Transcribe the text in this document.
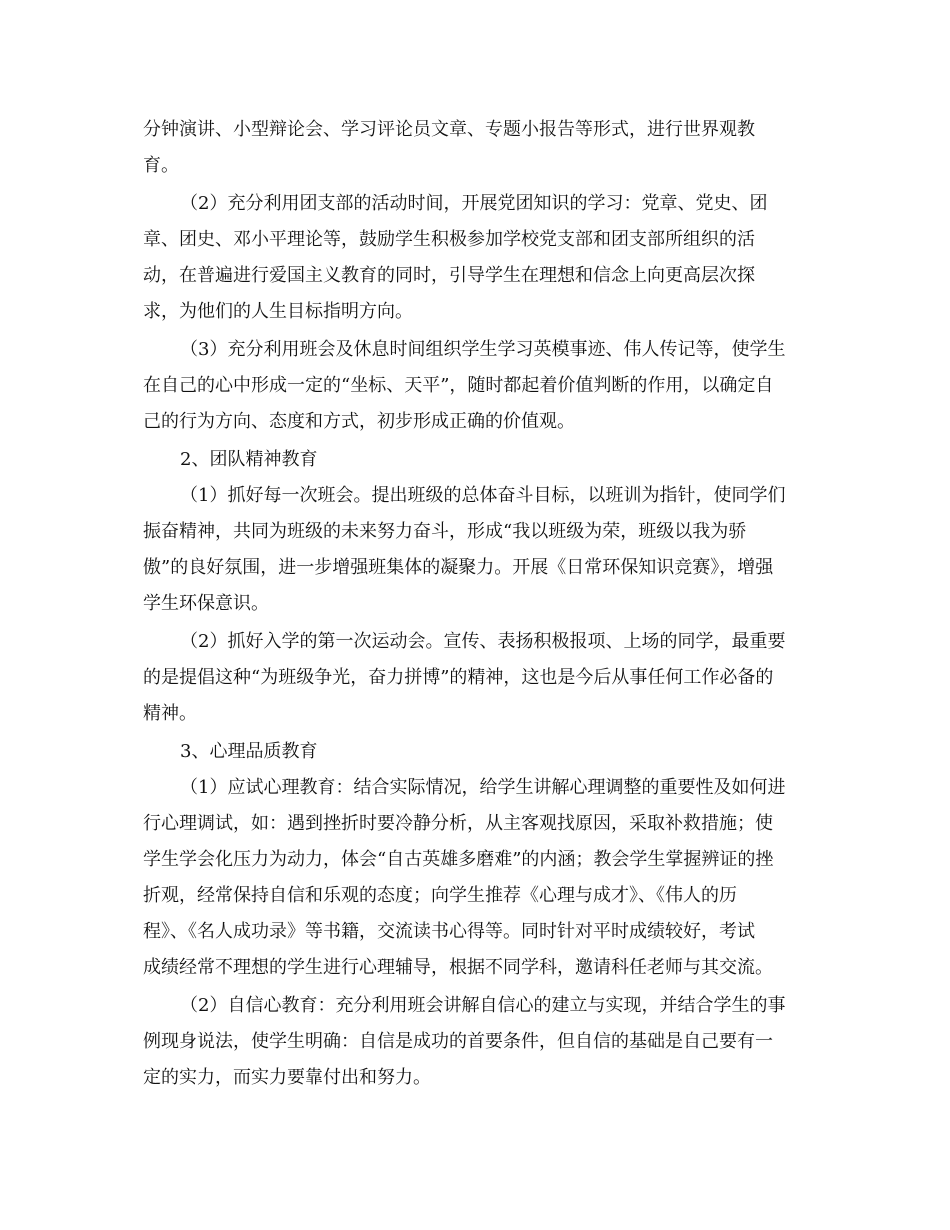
分钟演讲、小型辩论会、学习评论员文章、专题小报告等形式，进行世界观教
育。
（2）充分利用团支部的活动时间，开展党团知识的学习：党章、党史、团
章、团史、邓小平理论等，鼓励学生积极参加学校党支部和团支部所组织的活
动，在普遍进行爱国主义教育的同时，引导学生在理想和信念上向更高层次探
求，为他们的人生目标指明方向。
（3）充分利用班会及休息时间组织学生学习英模事迹、伟人传记等，使学生
在自己的心中形成一定的“坐标、天平”，随时都起着价值判断的作用，以确定自
己的行为方向、态度和方式，初步形成正确的价值观。
2、团队精神教育
（1）抓好每一次班会。提出班级的总体奋斗目标，以班训为指针，使同学们
振奋精神，共同为班级的未来努力奋斗，形成“我以班级为荣，班级以我为骄
傲”的良好氛围，进一步增强班集体的凝聚力。开展《日常环保知识竞赛》，增强
学生环保意识。
（2）抓好入学的第一次运动会。宣传、表扬积极报项、上场的同学，最重要
的是提倡这种“为班级争光，奋力拼博”的精神，这也是今后从事任何工作必备的
精神。
3、心理品质教育
（1）应试心理教育：结合实际情况，给学生讲解心理调整的重要性及如何进
行心理调试，如：遇到挫折时要冷静分析，从主客观找原因，采取补救措施；使
学生学会化压力为动力，体会“自古英雄多磨难”的内涵；教会学生掌握辨证的挫
折观，经常保持自信和乐观的态度；向学生推荐《心理与成才》、《伟人的历
程》、《名人成功录》等书籍，交流读书心得等。同时针对平时成绩较好，考试
成绩经常不理想的学生进行心理辅导，根据不同学科，邀请科任老师与其交流。
（2）自信心教育：充分利用班会讲解自信心的建立与实现，并结合学生的事
例现身说法，使学生明确：自信是成功的首要条件，但自信的基础是自己要有一
定的实力，而实力要靠付出和努力。
